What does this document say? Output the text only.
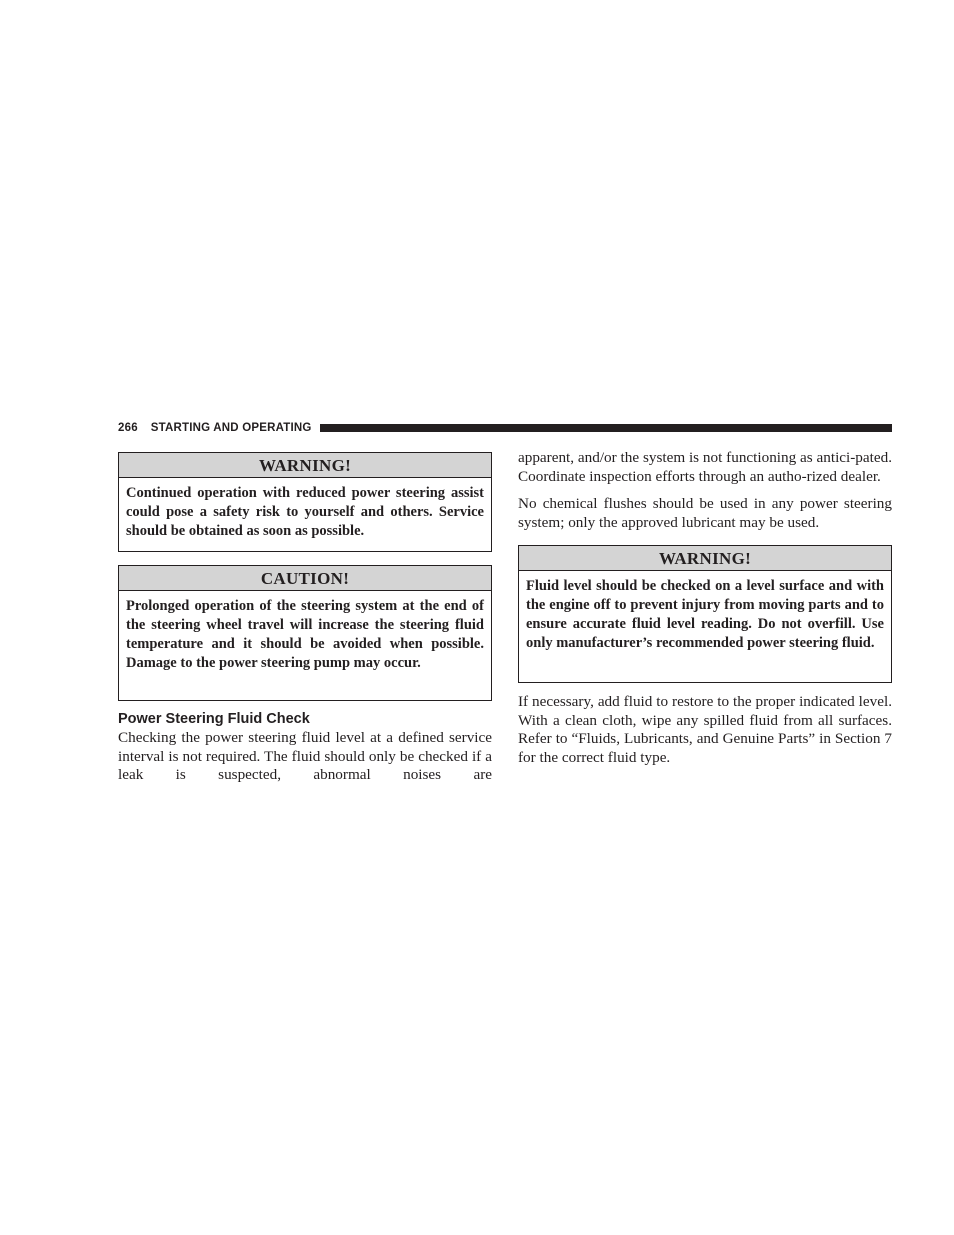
266 STARTING AND OPERATING
WARNING!
Continued operation with reduced power steering assist could pose a safety risk to yourself and others. Service should be obtained as soon as possible.
CAUTION!
Prolonged operation of the steering system at the end of the steering wheel travel will increase the steering fluid temperature and it should be avoided when possible. Damage to the power steering pump may occur.
Power Steering Fluid Check

Checking the power steering fluid level at a defined service interval is not required. The fluid should only be checked if a leak is suspected, abnormal noises are

apparent, and/or the system is not functioning as antici-pated. Coordinate inspection efforts through an autho-rized dealer.

No chemical flushes should be used in any power steering system; only the approved lubricant may be used.

WARNING!
Fluid level should be checked on a level surface and with the engine off to prevent injury from moving parts and to ensure accurate fluid level reading. Do not overfill. Use only manufacturer’s recommended power steering fluid.

If necessary, add fluid to restore to the proper indicated level. With a clean cloth, wipe any spilled fluid from all surfaces. Refer to “Fluids, Lubricants, and Genuine Parts” in Section 7 for the correct fluid type.
